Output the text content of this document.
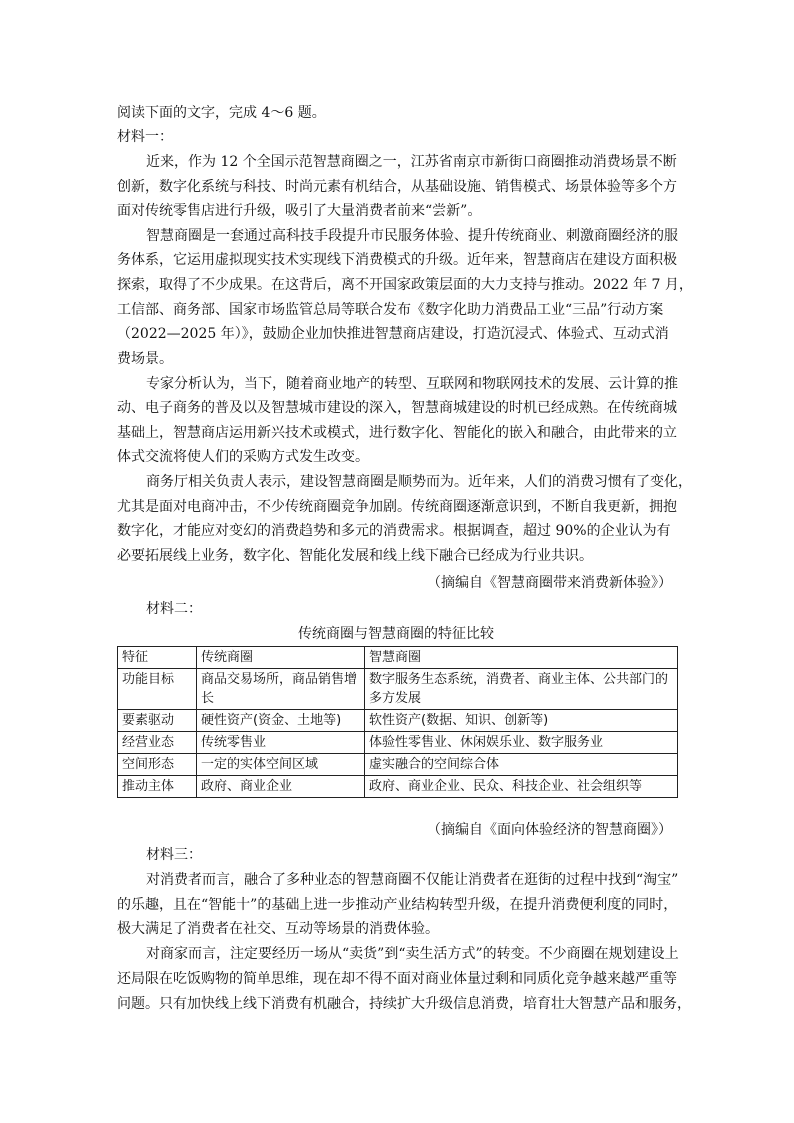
阅读下面的文字，完成 4～6 题。
材料一：
近来，作为 12 个全国示范智慧商圈之一，江苏省南京市新街口商圈推动消费场景不断
创新，数字化系统与科技、时尚元素有机结合，从基础设施、销售模式、场景体验等多个方
面对传统零售店进行升级，吸引了大量消费者前来“尝新”。
智慧商圈是一套通过高科技手段提升市民服务体验、提升传统商业、刺激商圈经济的服
务体系，它运用虚拟现实技术实现线下消费模式的升级。近年来，智慧商店在建设方面积极
探索，取得了不少成果。在这背后，离不开国家政策层面的大力支持与推动。2022 年 7 月，
工信部、商务部、国家市场监管总局等联合发布《数字化助力消费品工业“三品”行动方案
（2022—2025 年）》，鼓励企业加快推进智慧商店建设，打造沉浸式、体验式、互动式消
费场景。
专家分析认为，当下，随着商业地产的转型、互联网和物联网技术的发展、云计算的推
动、电子商务的普及以及智慧城市建设的深入，智慧商城建设的时机已经成熟。在传统商城
基础上，智慧商店运用新兴技术或模式，进行数字化、智能化的嵌入和融合，由此带来的立
体式交流将使人们的采购方式发生改变。
商务厅相关负责人表示，建设智慧商圈是顺势而为。近年来，人们的消费习惯有了变化，
尤其是面对电商冲击，不少传统商圈竞争加剧。传统商圈逐渐意识到，不断自我更新，拥抱
数字化，才能应对变幻的消费趋势和多元的消费需求。根据调查，超过 90%的企业认为有
必要拓展线上业务，数字化、智能化发展和线上线下融合已经成为行业共识。
（摘编自《智慧商圈带来消费新体验》）
材料二：
传统商圈与智慧商圈的特征比较
特征	传统商圈	智慧商圈
功能目标	商品交易场所，商品销售增长	数字服务生态系统，消费者、商业主体、公共部门的多方发展
要素驱动	硬性资产(资金、土地等)	软性资产(数据、知识、创新等)
经营业态	传统零售业	体验性零售业、休闲娱乐业、数字服务业
空间形态	一定的实体空间区域	虚实融合的空间综合体
推动主体	政府、商业企业	政府、商业企业、民众、科技企业、社会组织等
（摘编自《面向体验经济的智慧商圈》）
材料三：
对消费者而言，融合了多种业态的智慧商圈不仅能让消费者在逛街的过程中找到“淘宝”
的乐趣，且在“智能十”的基础上进一步推动产业结构转型升级，在提升消费便利度的同时，
极大满足了消费者在社交、互动等场景的消费体验。
对商家而言，注定要经历一场从“卖货”到“卖生活方式”的转变。不少商圈在规划建设上
还局限在吃饭购物的简单思维，现在却不得不面对商业体量过剩和同质化竞争越来越严重等
问题。只有加快线上线下消费有机融合，持续扩大升级信息消费，培育壮大智慧产品和服务，
